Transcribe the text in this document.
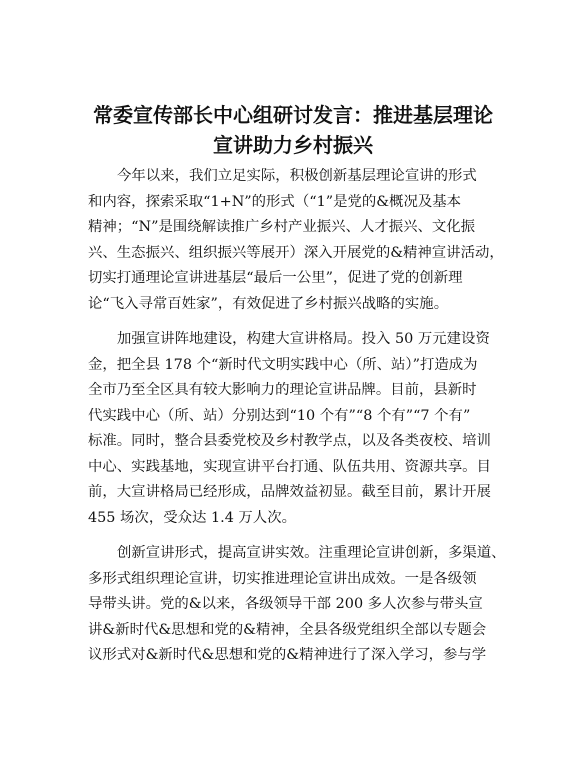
常委宣传部长中心组研讨发言：推进基层理论
宣讲助力乡村振兴

今年以来，我们立足实际，积极创新基层理论宣讲的形式
和内容，探索采取“1+N”的形式（“1”是党的&概况及基本
精神；“N”是围绕解读推广乡村产业振兴、人才振兴、文化振
兴、生态振兴、组织振兴等展开）深入开展党的&精神宣讲活动，
切实打通理论宣讲进基层“最后一公里”，促进了党的创新理
论“飞入寻常百姓家”，有效促进了乡村振兴战略的实施。

加强宣讲阵地建设，构建大宣讲格局。投入 50 万元建设资
金，把全县 178 个“新时代文明实践中心（所、站）”打造成为
全市乃至全区具有较大影响力的理论宣讲品牌。目前，县新时
代实践中心（所、站）分别达到“10 个有”“8 个有”“7 个有”
标准。同时，整合县委党校及乡村教学点，以及各类夜校、培训
中心、实践基地，实现宣讲平台打通、队伍共用、资源共享。目
前，大宣讲格局已经形成，品牌效益初显。截至目前，累计开展
455 场次，受众达 1.4 万人次。

创新宣讲形式，提高宣讲实效。注重理论宣讲创新，多渠道、
多形式组织理论宣讲，切实推进理论宣讲出成效。一是各级领
导带头讲。党的&以来，各级领导干部 200 多人次参与带头宣
讲&新时代&思想和党的&精神，全县各级党组织全部以专题会
议形式对&新时代&思想和党的&精神进行了深入学习，参与学
